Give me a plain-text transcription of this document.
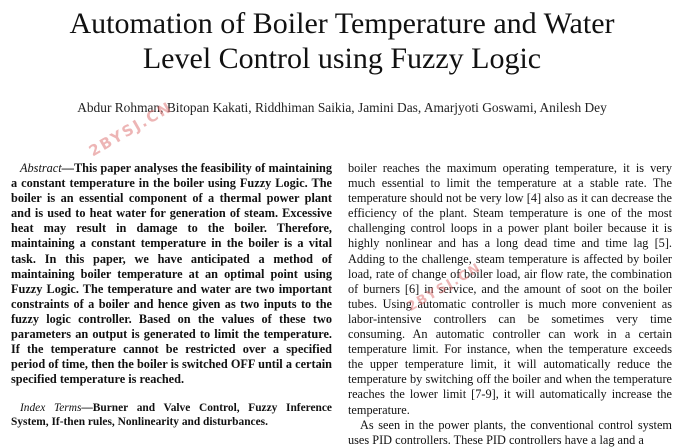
Automation of Boiler Temperature and Water
Level Control using Fuzzy Logic
Abdur Rohman, Bitopan Kakati, Riddhiman Saikia, Jamini Das, Amarjyoti Goswami, Anilesh Dey

Abstract—This paper analyses the feasibility of maintaining a constant temperature in the boiler using Fuzzy Logic. The boiler is an essential component of a thermal power plant and is used to heat water for generation of steam. Excessive heat may result in damage to the boiler. Therefore, maintaining a constant temperature in the boiler is a vital task. In this paper, we have anticipated a method of maintaining boiler temperature at an optimal point using Fuzzy Logic. The temperature and water are two important constraints of a boiler and hence given as two inputs to the fuzzy logic controller. Based on the values of these two parameters an output is generated to limit the temperature. If the temperature cannot be restricted over a specified period of time, then the boiler is switched OFF until a certain specified temperature is reached.

Index Terms—Burner and Valve Control, Fuzzy Inference System, If-then rules, Nonlinearity and disturbances.

boiler reaches the maximum operating temperature, it is very much essential to limit the temperature at a stable rate. The temperature should not be very low [4] also as it can decrease the efficiency of the plant. Steam temperature is one of the most challenging control loops in a power plant boiler because it is highly nonlinear and has a long dead time and time lag [5]. Adding to the challenge, steam temperature is affected by boiler load, rate of change of boiler load, air flow rate, the combination of burners [6] in service, and the amount of soot on the boiler tubes. Using automatic controller is much more convenient as labor-intensive controllers can be sometimes very time consuming. An automatic controller can work in a certain temperature limit. For instance, when the temperature exceeds the upper temperature limit, it will automatically reduce the temperature by switching off the boiler and when the temperature reaches the lower limit [7-9], it will automatically increase the temperature.

As seen in the power plants, the conventional control system uses PID controllers. These PID controllers have a lag and a

2BYSJ.CN
2BYSJ.CN
